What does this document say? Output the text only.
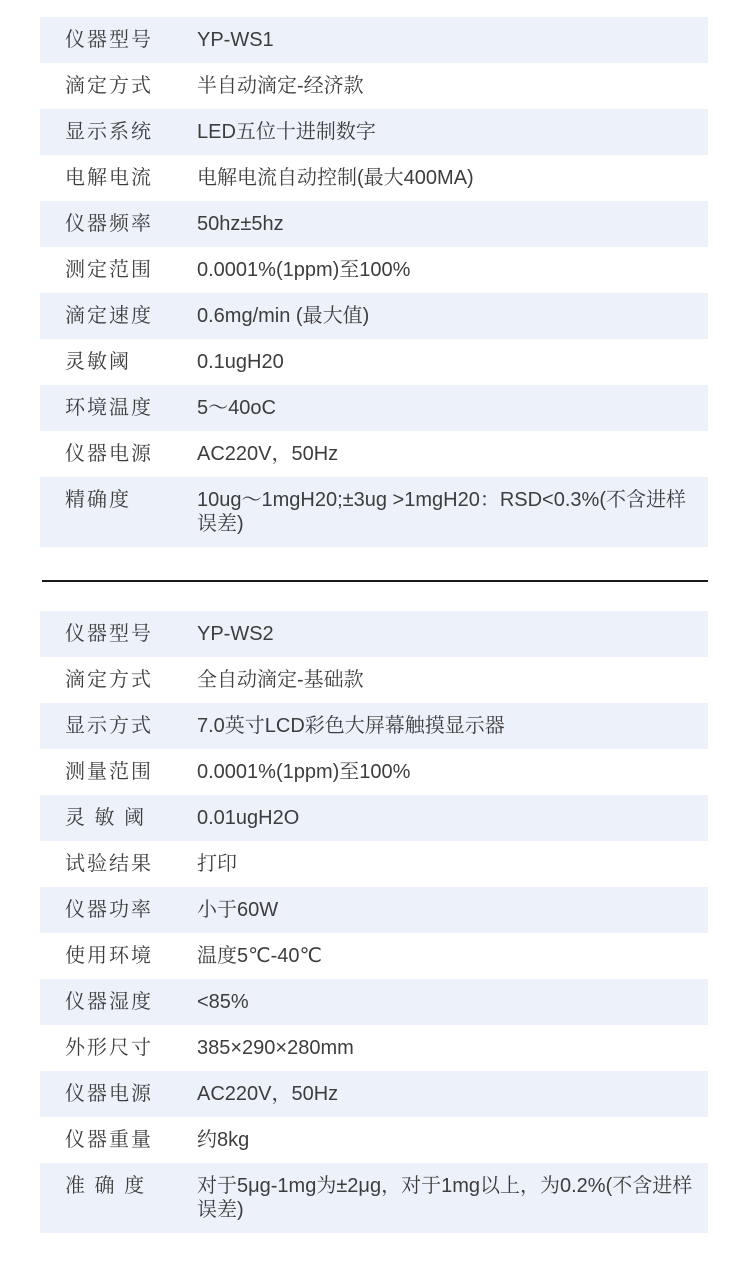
仪器型号	YP-WS1
滴定方式	半自动滴定-经济款
显示系统	LED五位十进制数字
电解电流	电解电流自动控制(最大400MA)
仪器频率	50hz±5hz
测定范围	0.0001%(1ppm)至100%
滴定速度	0.6mg/min (最大值)
灵敏阈	0.1ugH20
环境温度	5～40oC
仪器电源	AC220V，50Hz
精确度	10ug～1mgH20;±3ug >1mgH20：RSD<0.3%(不含进样误差)
仪器型号	YP-WS2
滴定方式	全自动滴定-基础款
显示方式	7.0英寸LCD彩色大屏幕触摸显示器
测量范围	0.0001%(1ppm)至100%
灵 敏 阈	0.01ugH2O
试验结果	打印
仪器功率	小于60W
使用环境	温度5℃-40℃
仪器湿度	<85%
外形尺寸	385×290×280mm
仪器电源	AC220V，50Hz
仪器重量	约8kg
准 确 度	对于5μg-1mg为±2μg，对于1mg以上，为0.2%(不含进样误差)
